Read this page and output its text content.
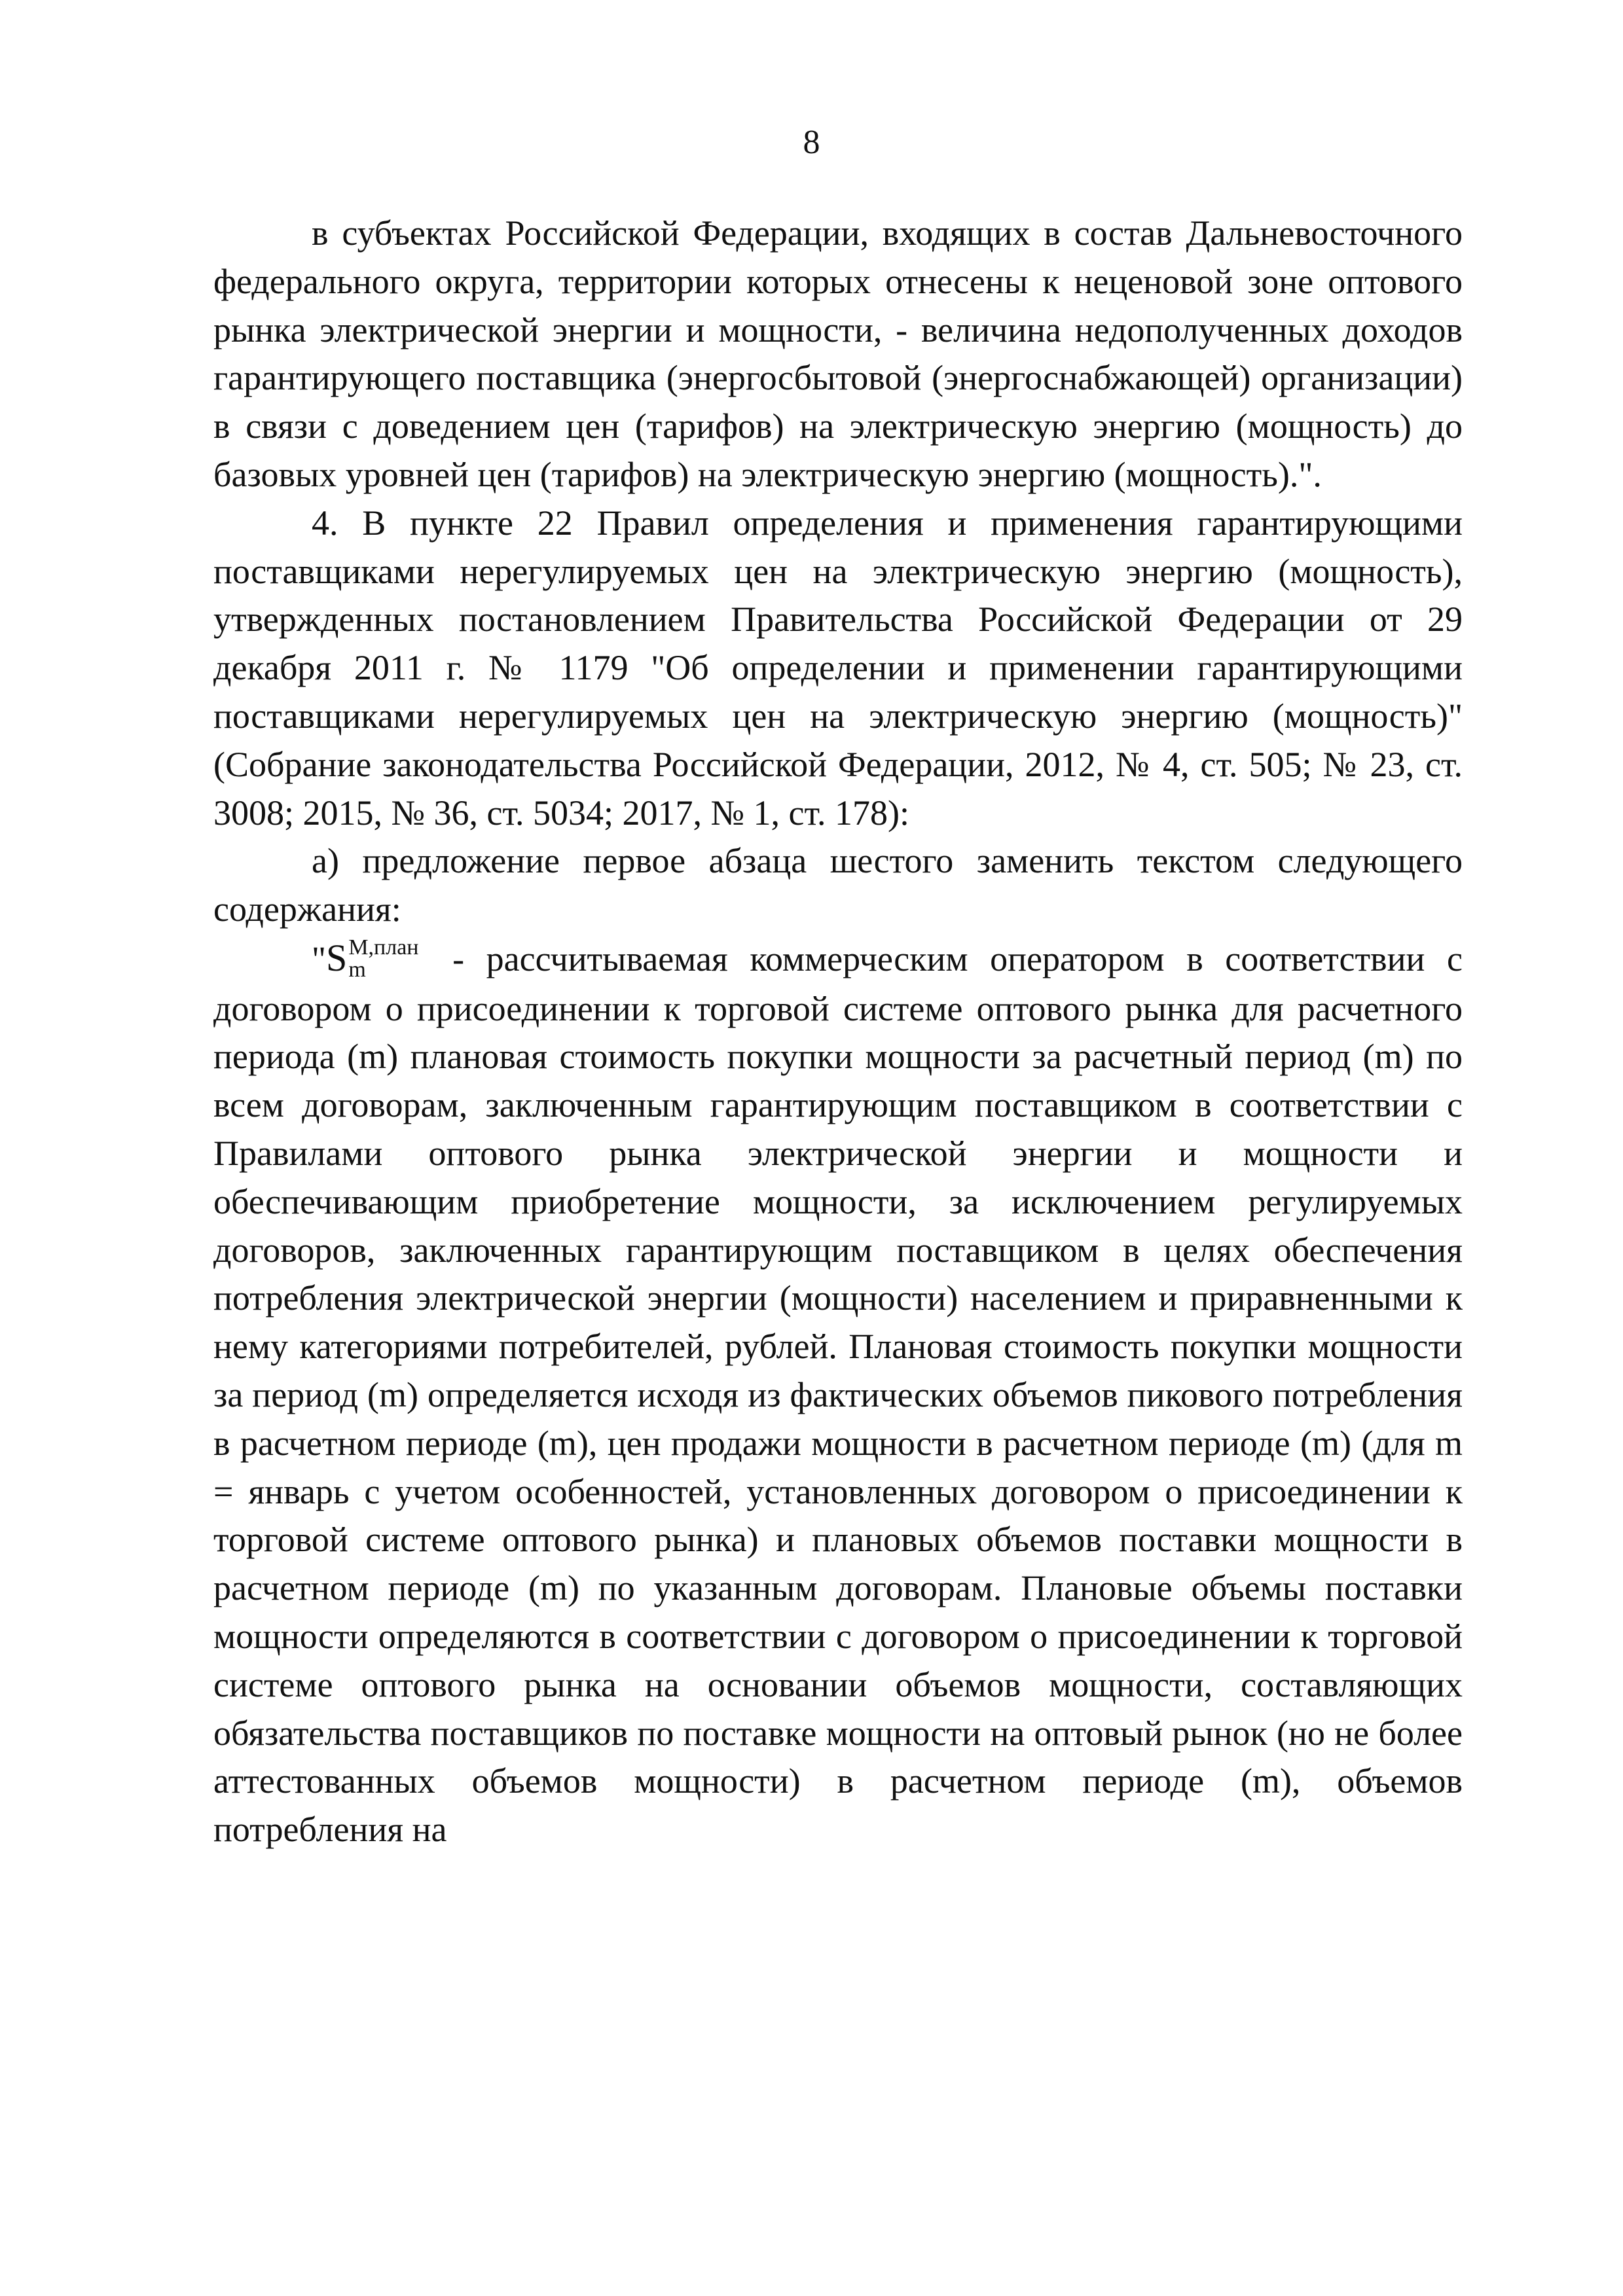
8

в субъектах Российской Федерации, входящих в состав Дальневосточного федерального округа, территории которых отнесены к неценовой зоне оптового рынка электрической энергии и мощности, - величина недополученных доходов гарантирующего поставщика (энергосбытовой (энергоснабжающей) организации) в связи с доведением цен (тарифов) на электрическую энергию (мощность) до базовых уровней цен (тарифов) на электрическую энергию (мощность).".

4. В пункте 22 Правил определения и применения гарантирующими поставщиками нерегулируемых цен на электрическую энергию (мощность), утвержденных постановлением Правительства Российской Федерации от 29 декабря 2011 г. № 1179 "Об определении и применении гарантирующими поставщиками нерегулируемых цен на электрическую энергию (мощность)" (Собрание законодательства Российской Федерации, 2012, № 4, ст. 505; № 23, ст. 3008; 2015, № 36, ст. 5034; 2017, № 1, ст. 178):

а) предложение первое абзаца шестого заменить текстом следующего содержания:

"S М,план
m	- рассчитываемая коммерческим оператором в соответствии с договором о присоединении к торговой системе оптового рынка для расчетного периода (m) плановая стоимость покупки мощности за расчетный период (m) по всем договорам, заключенным гарантирующим поставщиком в соответствии с Правилами оптового рынка электрической энергии и мощности и обеспечивающим приобретение мощности, за исключением регулируемых договоров, заключенных гарантирующим поставщиком в целях обеспечения потребления электрической энергии (мощности) населением и приравненными к нему категориями потребителей, рублей. Плановая стоимость покупки мощности за период (m) определяется исходя из фактических объемов пикового потребления в расчетном периоде (m), цен продажи мощности в расчетном периоде (m) (для m = январь с учетом особенностей, установленных договором о присоединении к торговой системе оптового рынка) и плановых объемов поставки мощности в расчетном периоде (m) по указанным договорам. Плановые объемы поставки мощности определяются в соответствии с договором о присоединении к торговой системе оптового рынка на основании объемов мощности, составляющих обязательства поставщиков по поставке мощности на оптовый рынок (но не более аттестованных объемов мощности) в расчетном периоде (m), объемов потребления на
